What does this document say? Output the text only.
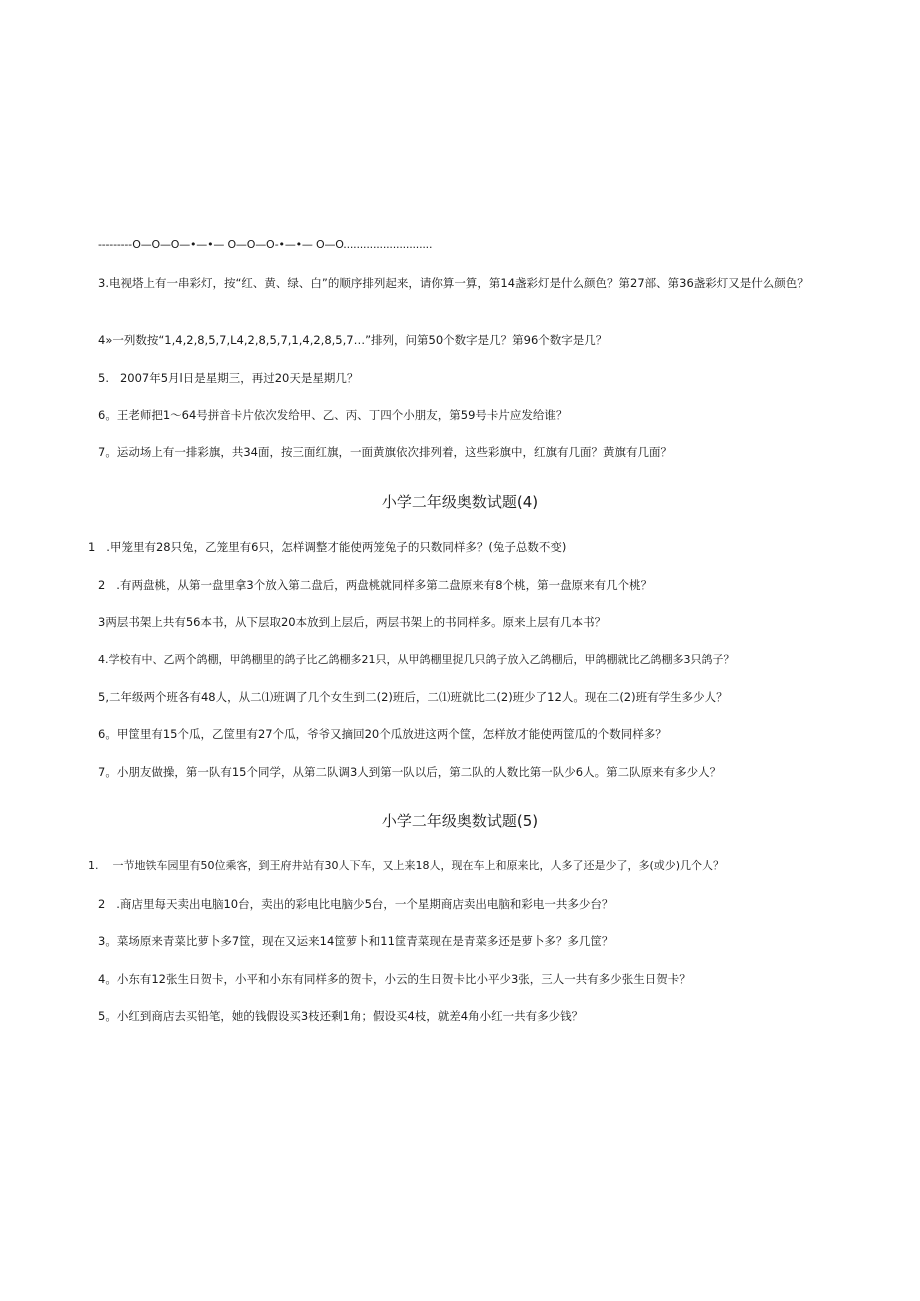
---------O—O—O—•—•— O—O—O-•—•— O—O...........................
3.电视塔上有一串彩灯，按“红、黄、绿、白”的顺序排列起来，请你算一算，第14盏彩灯是什么颜色？第27部、第36盏彩灯又是什么颜色？
4»一列数按“1,4,2,8,5,7,L4,2,8,5,7,1,4,2,8,5,7…”排列，问第50个数字是几？第96个数字是几？
5.   2007年5月l日是星期三，再过20天是星期几？
6。王老师把1～64号拼音卡片依次发给甲、乙、丙、丁四个小朋友，第59号卡片应发给谁？
7。运动场上有一排彩旗，共34面，按三面红旗，一面黄旗依次排列着，这些彩旗中，红旗有几面？黄旗有几面？
小学二年级奥数试题(4)
1   .甲笼里有28只兔，乙笼里有6只，怎样调整才能使两笼兔子的只数同样多？(兔子总数不变)
2   .有两盘桃，从第一盘里拿3个放入第二盘后，两盘桃就同样多第二盘原来有8个桃，第一盘原来有几个桃？
3两层书架上共有56本书，从下层取20本放到上层后，两层书架上的书同样多。原来上层有几本书？
4.学校有中、乙两个鸽棚，甲鸽棚里的鸽子比乙鸽棚多21只，从甲鸽棚里捉几只鸽子放入乙鸽棚后，甲鸽棚就比乙鸽棚多3只鸽子？
5,二年级两个班各有48人，从二⑴班调了几个女生到二(2)班后，二⑴班就比二(2)班少了12人。现在二(2)班有学生多少人？
6。甲筐里有15个瓜，乙筐里有27个瓜，爷爷又摘回20个瓜放进这两个筐，怎样放才能使两筐瓜的个数同样多？
7。小朋友做操，第一队有15个同学，从第二队调3人到第一队以后，第二队的人数比第一队少6人。第二队原来有多少人？
小学二年级奥数试题(5)
1.    一节地铁车园里有50位乘客，到王府井站有30人下车，又上来18人，现在车上和原来比，人多了还是少了，多(或少)几个人？
2   .商店里每天卖出电脑10台，卖出的彩电比电脑少5台，一个星期商店卖出电脑和彩电一共多少台？
3。菜场原来青菜比萝卜多7筐，现在又运来14筐萝卜和11筐青菜现在是青菜多还是萝卜多？多几筐？
4。小东有12张生日贺卡，小平和小东有同样多的贺卡，小云的生日贺卡比小平少3张，三人一共有多少张生日贺卡？
5。小红到商店去买铅笔，她的钱假设买3枝还剩1角；假设买4枝，就差4角小红一共有多少钱？
